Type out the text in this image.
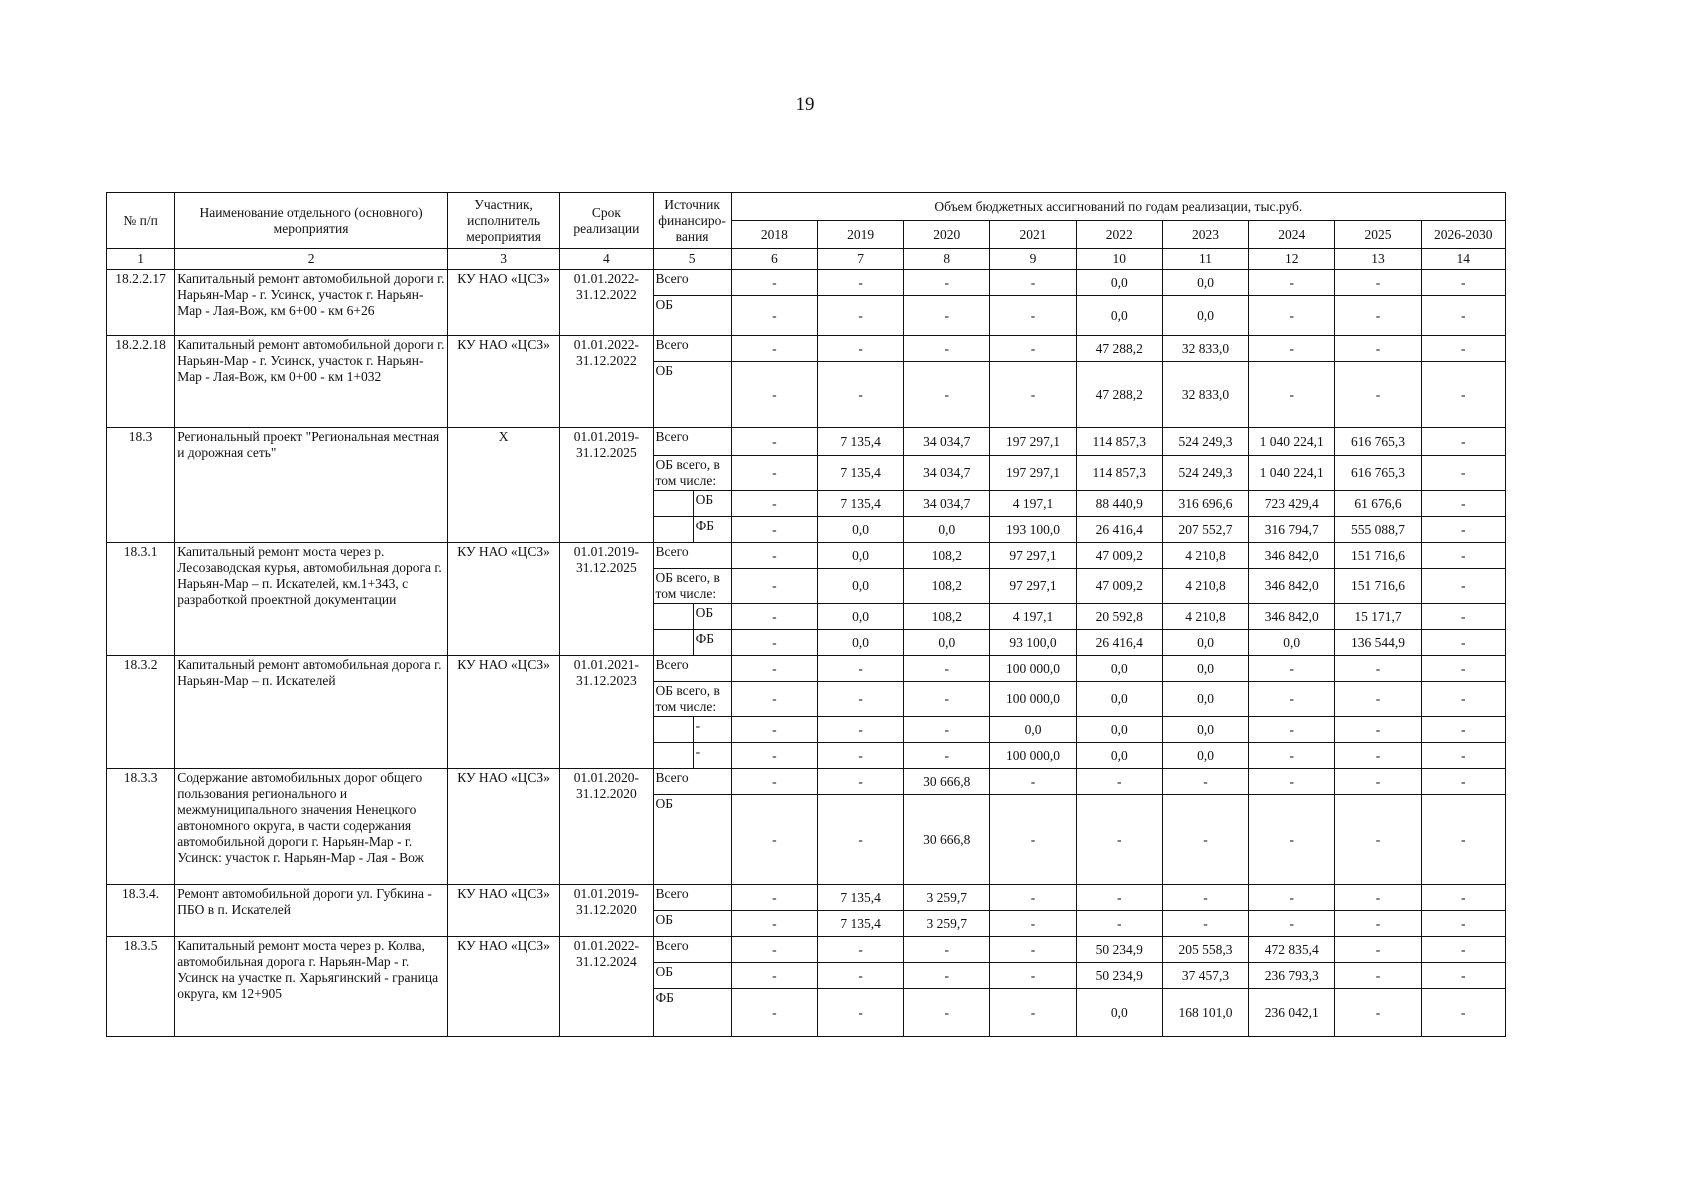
19
№ п/п	Наименование отдельного (основного) мероприятия	Участник, исполнитель мероприятия	Срок реализации	Источник финансиро-вания		Объем бюджетных ассигнований по годам реализации, тыс.руб.								
						2018	2019	2020	2021	2022	2023	2024	2025	2026-2030
1	2	3	4	5		6	7	8	9	10	11	12	13	14
18.2.2.17	Капитальный ремонт автомобильной дороги г. Нарьян-Мар - г. Усинск, участок г. Нарьян-Мар - Лая-Вож, км 6+00 - км 6+26	КУ НАО «ЦСЗ»	01.01.2022-31.12.2022	Всего		-	-	-	-	0,0	0,0	-	-	-
				ОБ		-	-	-	-	0,0	0,0	-	-	-
18.2.2.18	Капитальный ремонт автомобильной дороги г. Нарьян-Мар - г. Усинск, участок г. Нарьян-Мар - Лая-Вож, км 0+00 - км 1+032	КУ НАО «ЦСЗ»	01.01.2022-31.12.2022	Всего		-	-	-	-	47 288,2	32 833,0	-	-	-
				ОБ		-	-	-	-	47 288,2	32 833,0	-	-	-
18.3	Региональный проект "Региональная местная и дорожная сеть"	Х	01.01.2019-31.12.2025	Всего		-	7 135,4	34 034,7	197 297,1	114 857,3	524 249,3	1 040 224,1	616 765,3	-
				ОБ всего, в том числе:		-	7 135,4	34 034,7	197 297,1	114 857,3	524 249,3	1 040 224,1	616 765,3	-
					ОБ	-	7 135,4	34 034,7	4 197,1	88 440,9	316 696,6	723 429,4	61 676,6	-
					ФБ	-	0,0	0,0	193 100,0	26 416,4	207 552,7	316 794,7	555 088,7	-
18.3.1	Капитальный ремонт моста через р. Лесозаводская курья, автомобильная дорога г. Нарьян-Мар – п. Искателей, км.1+343, с разработкой проектной документации	КУ НАО «ЦСЗ»	01.01.2019-31.12.2025	Всего		-	0,0	108,2	97 297,1	47 009,2	4 210,8	346 842,0	151 716,6	-
				ОБ всего, в том числе:		-	0,0	108,2	97 297,1	47 009,2	4 210,8	346 842,0	151 716,6	-
					ОБ	-	0,0	108,2	4 197,1	20 592,8	4 210,8	346 842,0	15 171,7	-
					ФБ	-	0,0	0,0	93 100,0	26 416,4	0,0	0,0	136 544,9	-
18.3.2	Капитальный ремонт автомобильная дорога г. Нарьян-Мар – п. Искателей	КУ НАО «ЦСЗ»	01.01.2021-31.12.2023	Всего		-	-	-	100 000,0	0,0	0,0	-	-	-
				ОБ всего, в том числе:		-	-	-	100 000,0	0,0	0,0	-	-	-
					-	-	-	-	0,0	0,0	0,0	-	-	-
					-	-	-	-	100 000,0	0,0	0,0	-	-	-
18.3.3	Содержание автомобильных дорог общего пользования регионального и межмуниципального значения Ненецкого автономного округа, в части содержания автомобильной дороги г. Нарьян-Мар - г. Усинск: участок г. Нарьян-Мар - Лая - Вож	КУ НАО «ЦСЗ»	01.01.2020-31.12.2020	Всего		-	-	30 666,8	-	-	-	-	-	-
				ОБ		-	-	30 666,8	-	-	-	-	-	-
18.3.4.	Ремонт автомобильной дороги ул. Губкина - ПБО в п. Искателей	КУ НАО «ЦСЗ»	01.01.2019-31.12.2020	Всего		-	7 135,4	3 259,7	-	-	-	-	-	-
				ОБ		-	7 135,4	3 259,7	-	-	-	-	-	-
18.3.5	Капитальный ремонт моста через р. Колва, автомобильная дорога г. Нарьян-Мар - г. Усинск на участке п. Харьягинский - граница округа, км 12+905	КУ НАО «ЦСЗ»	01.01.2022-31.12.2024	Всего		-	-	-	-	50 234,9	205 558,3	472 835,4	-	-
				ОБ		-	-	-	-	50 234,9	37 457,3	236 793,3	-	-
				ФБ		-	-	-	-	0,0	168 101,0	236 042,1	-	-
